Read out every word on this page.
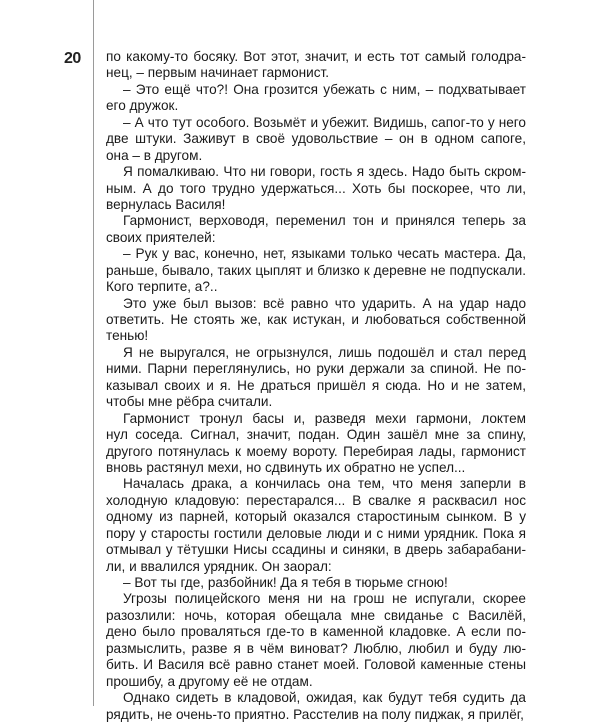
20	по какому-то босяку. Вот этот, значит, и есть тот самый голодра-
нец, – первым начинает гармонист.
– Это ещё что?! Она грозится убежать с ним, – подхватывает
его дружок.
– А что тут особого. Возьмёт и убежит. Видишь, сапог-то у него
две штуки. Заживут в своё удовольствие – он в одном сапоге,
она – в другом.
Я помалкиваю. Что ни говори, гость я здесь. Надо быть скром-
ным. А до того трудно удержаться... Хоть бы поскорее, что ли,
вернулась Василя!
Гармонист, верховодя, переменил тон и принялся теперь за
своих приятелей:
– Рук у вас, конечно, нет, языками только чесать мастера. Да,
раньше, бывало, таких цыплят и близко к деревне не подпускали.
Кого терпите, а?..
Это уже был вызов: всё равно что ударить. А на удар надо
ответить. Не стоять же, как истукан, и любоваться собственной
тенью!
Я не выругался, не огрызнулся, лишь подошёл и стал перед
ними. Парни переглянулись, но руки держали за спиной. Не по-
казывал своих и я. Не драться пришёл я сюда. Но и не затем,
чтобы мне рёбра считали.
Гармонист тронул басы и, разведя мехи гармони, локтем
нул соседа. Сигнал, значит, подан. Один зашёл мне за спину,
другого потянулась к моему вороту. Перебирая лады, гармонист
вновь растянул мехи, но сдвинуть их обратно не успел...
Началась драка, а кончилась она тем, что меня заперли в
холодную кладовую: перестарался... В свалке я расквасил нос
одному из парней, который оказался старостиным сынком. В у
пору у старосты гостили деловые люди и с ними урядник. Пока я
отмывал у тётушки Нисы ссадины и синяки, в дверь забарабани-
ли, и ввалился урядник. Он заорал:
– Вот ты где, разбойник! Да я тебя в тюрьме сгною!
Угрозы полицейского меня ни на грош не испугали, скорее
разозлили: ночь, которая обещала мне свиданье с Василёй,
дено было проваляться где-то в каменной кладовке. А если по-
размыслить, разве я в чём виноват? Люблю, любил и буду лю-
бить. И Василя всё равно станет моей. Головой каменные стены
прошибу, а другому её не отдам.
Однако сидеть в кладовой, ожидая, как будут тебя судить да
рядить, не очень-то приятно. Расстелив на полу пиджак, я прилёг,
